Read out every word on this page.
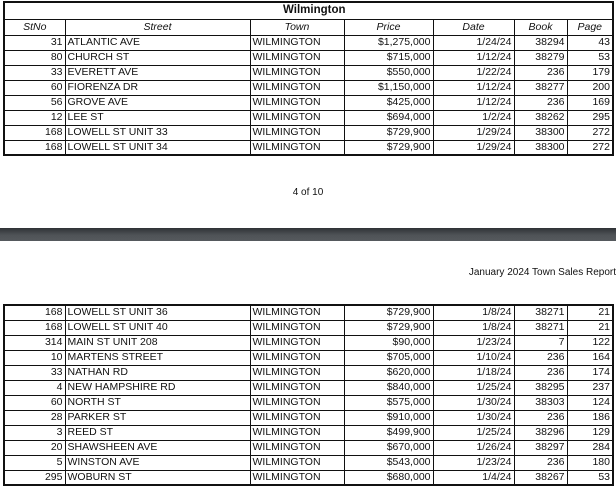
		Wilmington				
StNo	Street	Town	Price	Date	Book	Page
31	ATLANTIC AVE	WILMINGTON	$1,275,000	1/24/24	38294	43
80	CHURCH ST	WILMINGTON	$715,000	1/12/24	38279	53
33	EVERETT AVE	WILMINGTON	$550,000	1/22/24	236	179
60	FIORENZA DR	WILMINGTON	$1,150,000	1/12/24	38277	200
56	GROVE AVE	WILMINGTON	$425,000	1/12/24	236	169
12	LEE ST	WILMINGTON	$694,000	1/2/24	38262	295
168	LOWELL ST UNIT 33	WILMINGTON	$729,900	1/29/24	38300	272
168	LOWELL ST UNIT 34	WILMINGTON	$729,900	1/29/24	38300	272
4 of 10
January 2024 Town Sales Report
168	LOWELL ST UNIT 36	WILMINGTON	$729,900	1/8/24	38271	21
168	LOWELL ST UNIT 40	WILMINGTON	$729,900	1/8/24	38271	21
314	MAIN ST UNIT 208	WILMINGTON	$90,000	1/23/24	7	122
10	MARTENS STREET	WILMINGTON	$705,000	1/10/24	236	164
33	NATHAN RD	WILMINGTON	$620,000	1/18/24	236	174
4	NEW HAMPSHIRE RD	WILMINGTON	$840,000	1/25/24	38295	237
60	NORTH ST	WILMINGTON	$575,000	1/30/24	38303	124
28	PARKER ST	WILMINGTON	$910,000	1/30/24	236	186
3	REED ST	WILMINGTON	$499,900	1/25/24	38296	129
20	SHAWSHEEN AVE	WILMINGTON	$670,000	1/26/24	38297	284
5	WINSTON AVE	WILMINGTON	$543,000	1/23/24	236	180
295	WOBURN ST	WILMINGTON	$680,000	1/4/24	38267	53
